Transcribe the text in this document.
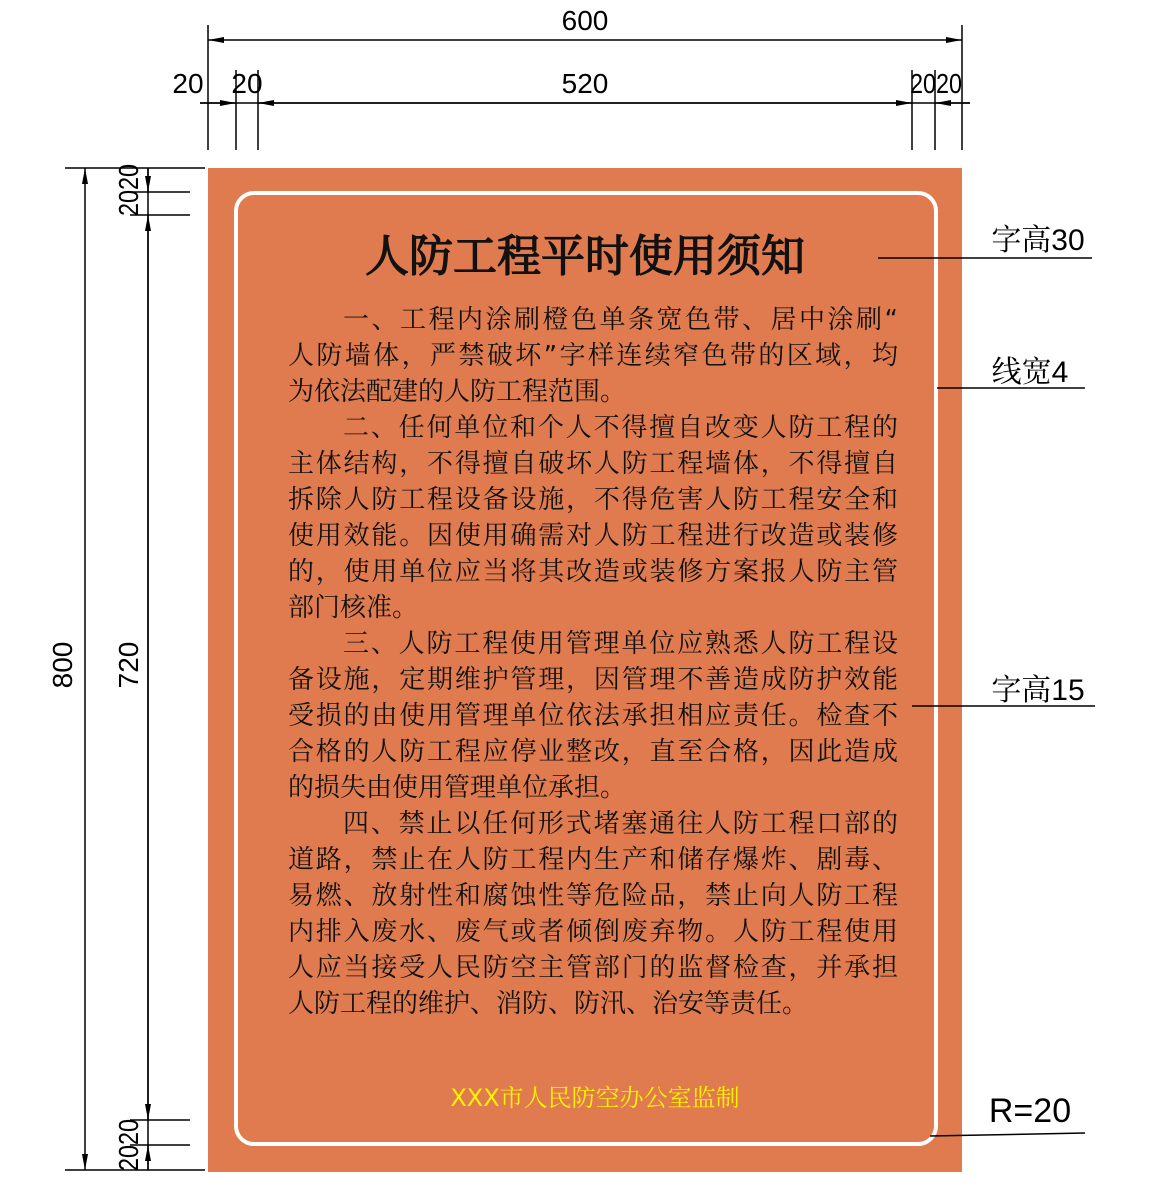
人防工程平时使用须知
一、工程内涂刷橙色单条宽色带、居中涂刷“
人防墙体，严禁破坏”字样连续窄色带的区域，均
为依法配建的人防工程范围。
二、任何单位和个人不得擅自改变人防工程的
主体结构，不得擅自破坏人防工程墙体，不得擅自
拆除人防工程设备设施，不得危害人防工程安全和
使用效能。因使用确需对人防工程进行改造或装修
的，使用单位应当将其改造或装修方案报人防主管
部门核准。
三、人防工程使用管理单位应熟悉人防工程设
备设施，定期维护管理，因管理不善造成防护效能
受损的由使用管理单位依法承担相应责任。检查不
合格的人防工程应停业整改，直至合格，因此造成
的损失由使用管理单位承担。
四、禁止以任何形式堵塞通往人防工程口部的
道路，禁止在人防工程内生产和储存爆炸、剧毒、
易燃、放射性和腐蚀性等危险品，禁止向人防工程
内排入废水、废气或者倾倒废弃物。人防工程使用
人应当接受人民防空主管部门的监督检查，并承担
人防工程的维护、消防、防汛、治安等责任。
XXX市人民防空办公室监制
600
20 20	520	2020
800 720
2020
2020
字高30
线宽4
字高15
R=20
